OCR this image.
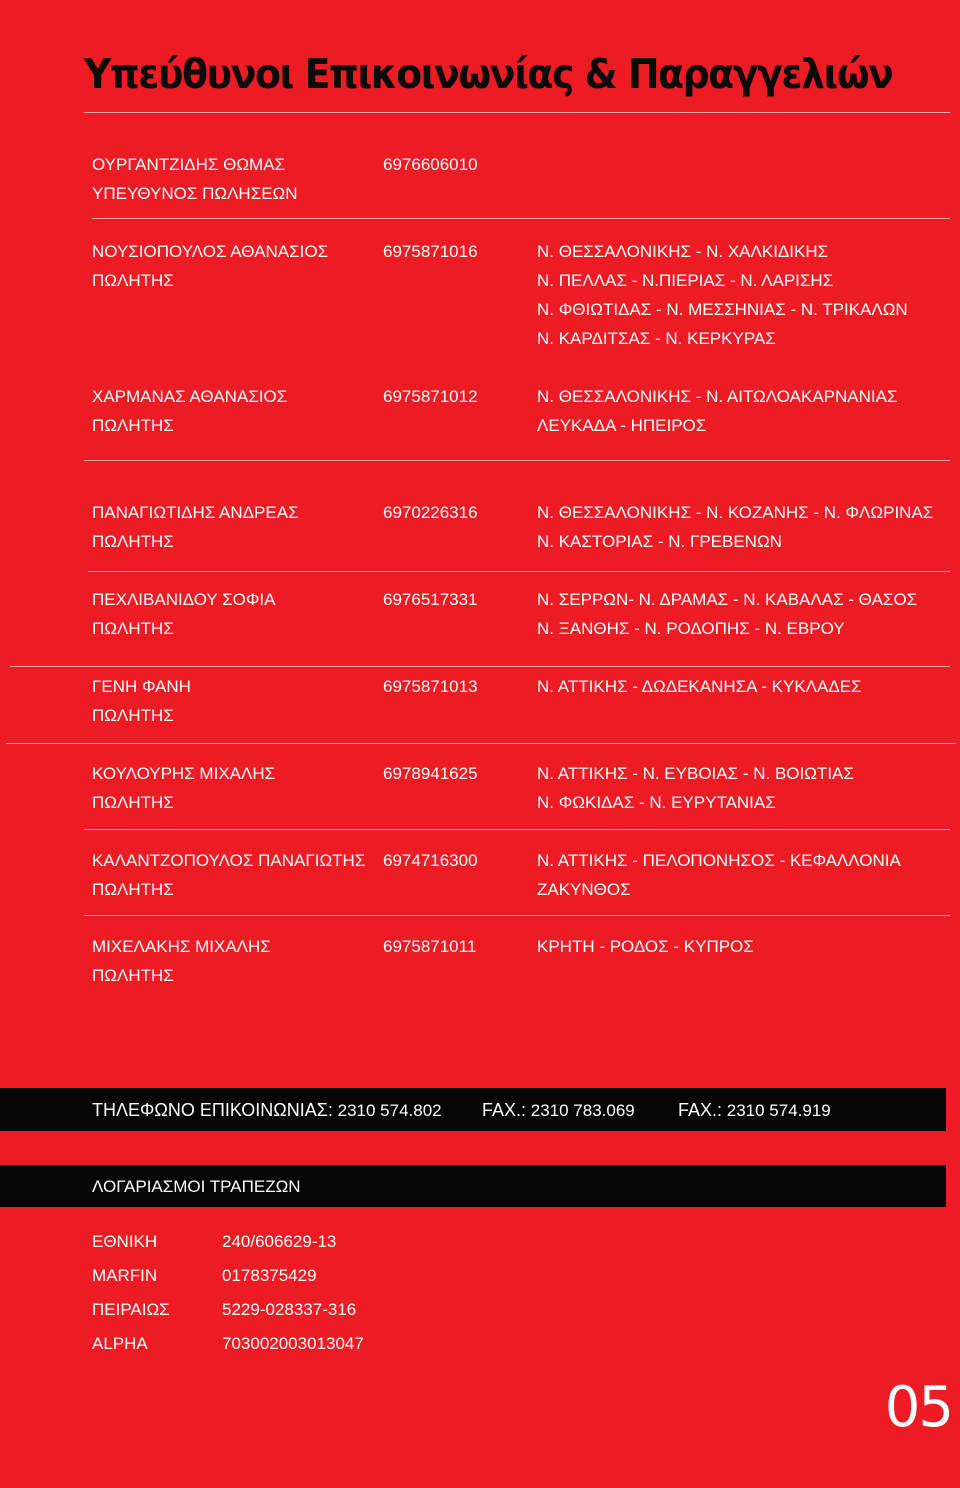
Υπεύθυνοι Επικοινωνίας & Παραγγελιών
ΟΥΡΓΑΝΤΖΙΔΗΣ ΘΩΜΑΣ
ΥΠΕΥΘΥΝΟΣ ΠΩΛΗΣΕΩΝ
6976606010
ΝΟΥΣΙΟΠΟΥΛΟΣ ΑΘΑΝΑΣΙΟΣ
ΠΩΛΗΤΗΣ
6975871016	Ν. ΘΕΣΣΑΛΟΝΙΚΗΣ - Ν. ΧΑΛΚΙΔΙΚΗΣ
Ν. ΠΕΛΛΑΣ - Ν.ΠΙΕΡΙΑΣ - Ν. ΛΑΡΙΣΗΣ
Ν. ΦΘΙΩΤΙΔΑΣ - Ν. ΜΕΣΣΗΝΙΑΣ - Ν. ΤΡΙΚΑΛΩΝ
Ν. ΚΑΡΔΙΤΣΑΣ - Ν. ΚΕΡΚΥΡΑΣ
ΧΑΡΜΑΝΑΣ ΑΘΑΝΑΣΙΟΣ
ΠΩΛΗΤΗΣ
6975871012	Ν. ΘΕΣΣΑΛΟΝΙΚΗΣ - Ν. ΑΙΤΩΛΟΑΚΑΡΝΑΝΙΑΣ
ΛΕΥΚΑΔΑ - ΗΠΕΙΡΟΣ
ΠΑΝΑΓΙΩΤΙΔΗΣ ΑΝΔΡΕΑΣ
ΠΩΛΗΤΗΣ
6970226316	Ν. ΘΕΣΣΑΛΟΝΙΚΗΣ - Ν. ΚΟΖΑΝΗΣ - Ν. ΦΛΩΡΙΝΑΣ
Ν. ΚΑΣΤΟΡΙΑΣ - Ν. ΓΡΕΒΕΝΩΝ
ΠΕΧΛΙΒΑΝΙΔΟΥ ΣΟΦΙΑ
ΠΩΛΗΤΗΣ
6976517331	Ν. ΣΕΡΡΩΝ- Ν. ΔΡΑΜΑΣ - Ν. ΚΑΒΑΛΑΣ - ΘΑΣΟΣ
Ν. ΞΑΝΘΗΣ - Ν. ΡΟΔΟΠΗΣ - Ν. ΕΒΡΟΥ
ΓΕΝΗ ΦΑΝΗ
ΠΩΛΗΤΗΣ
6975871013	Ν. ΑΤΤΙΚΗΣ - ΔΩΔΕΚΑΝΗΣΑ - ΚΥΚΛΑΔΕΣ
ΚΟΥΛΟΥΡΗΣ ΜΙΧΑΛΗΣ
ΠΩΛΗΤΗΣ
6978941625	Ν. ΑΤΤΙΚΗΣ - Ν. ΕΥΒΟΙΑΣ - Ν. ΒΟΙΩΤΙΑΣ
Ν. ΦΩΚΙΔΑΣ - Ν. ΕΥΡΥΤΑΝΙΑΣ
ΚΑΛΑΝΤΖΟΠΟΥΛΟΣ ΠΑΝΑΓΙΩΤΗΣ
ΠΩΛΗΤΗΣ
6974716300	Ν. ΑΤΤΙΚΗΣ - ΠΕΛΟΠΟΝΗΣΟΣ - ΚΕΦΑΛΛΟΝΙΑ
ΖΑΚΥΝΘΟΣ
ΜΙΧΕΛΑΚΗΣ ΜΙΧΑΛΗΣ
ΠΩΛΗΤΗΣ
6975871011	ΚΡΗΤΗ - ΡΟΔΟΣ - ΚΥΠΡΟΣ
ΤΗΛΕΦΩΝΟ ΕΠΙΚΟΙΝΩΝΙΑΣ: 2310 574.802 FAX.: 2310 783.069 FAX.: 2310 574.919
ΛΟΓΑΡΙΑΣΜΟΙ ΤΡΑΠΕΖΩΝ
ΕΘΝΙΚΗ	240/606629-13
MARFIN	0178375429
ΠΕΙΡΑΙΩΣ	5229-028337-316
ALPHA	703002003013047
05
